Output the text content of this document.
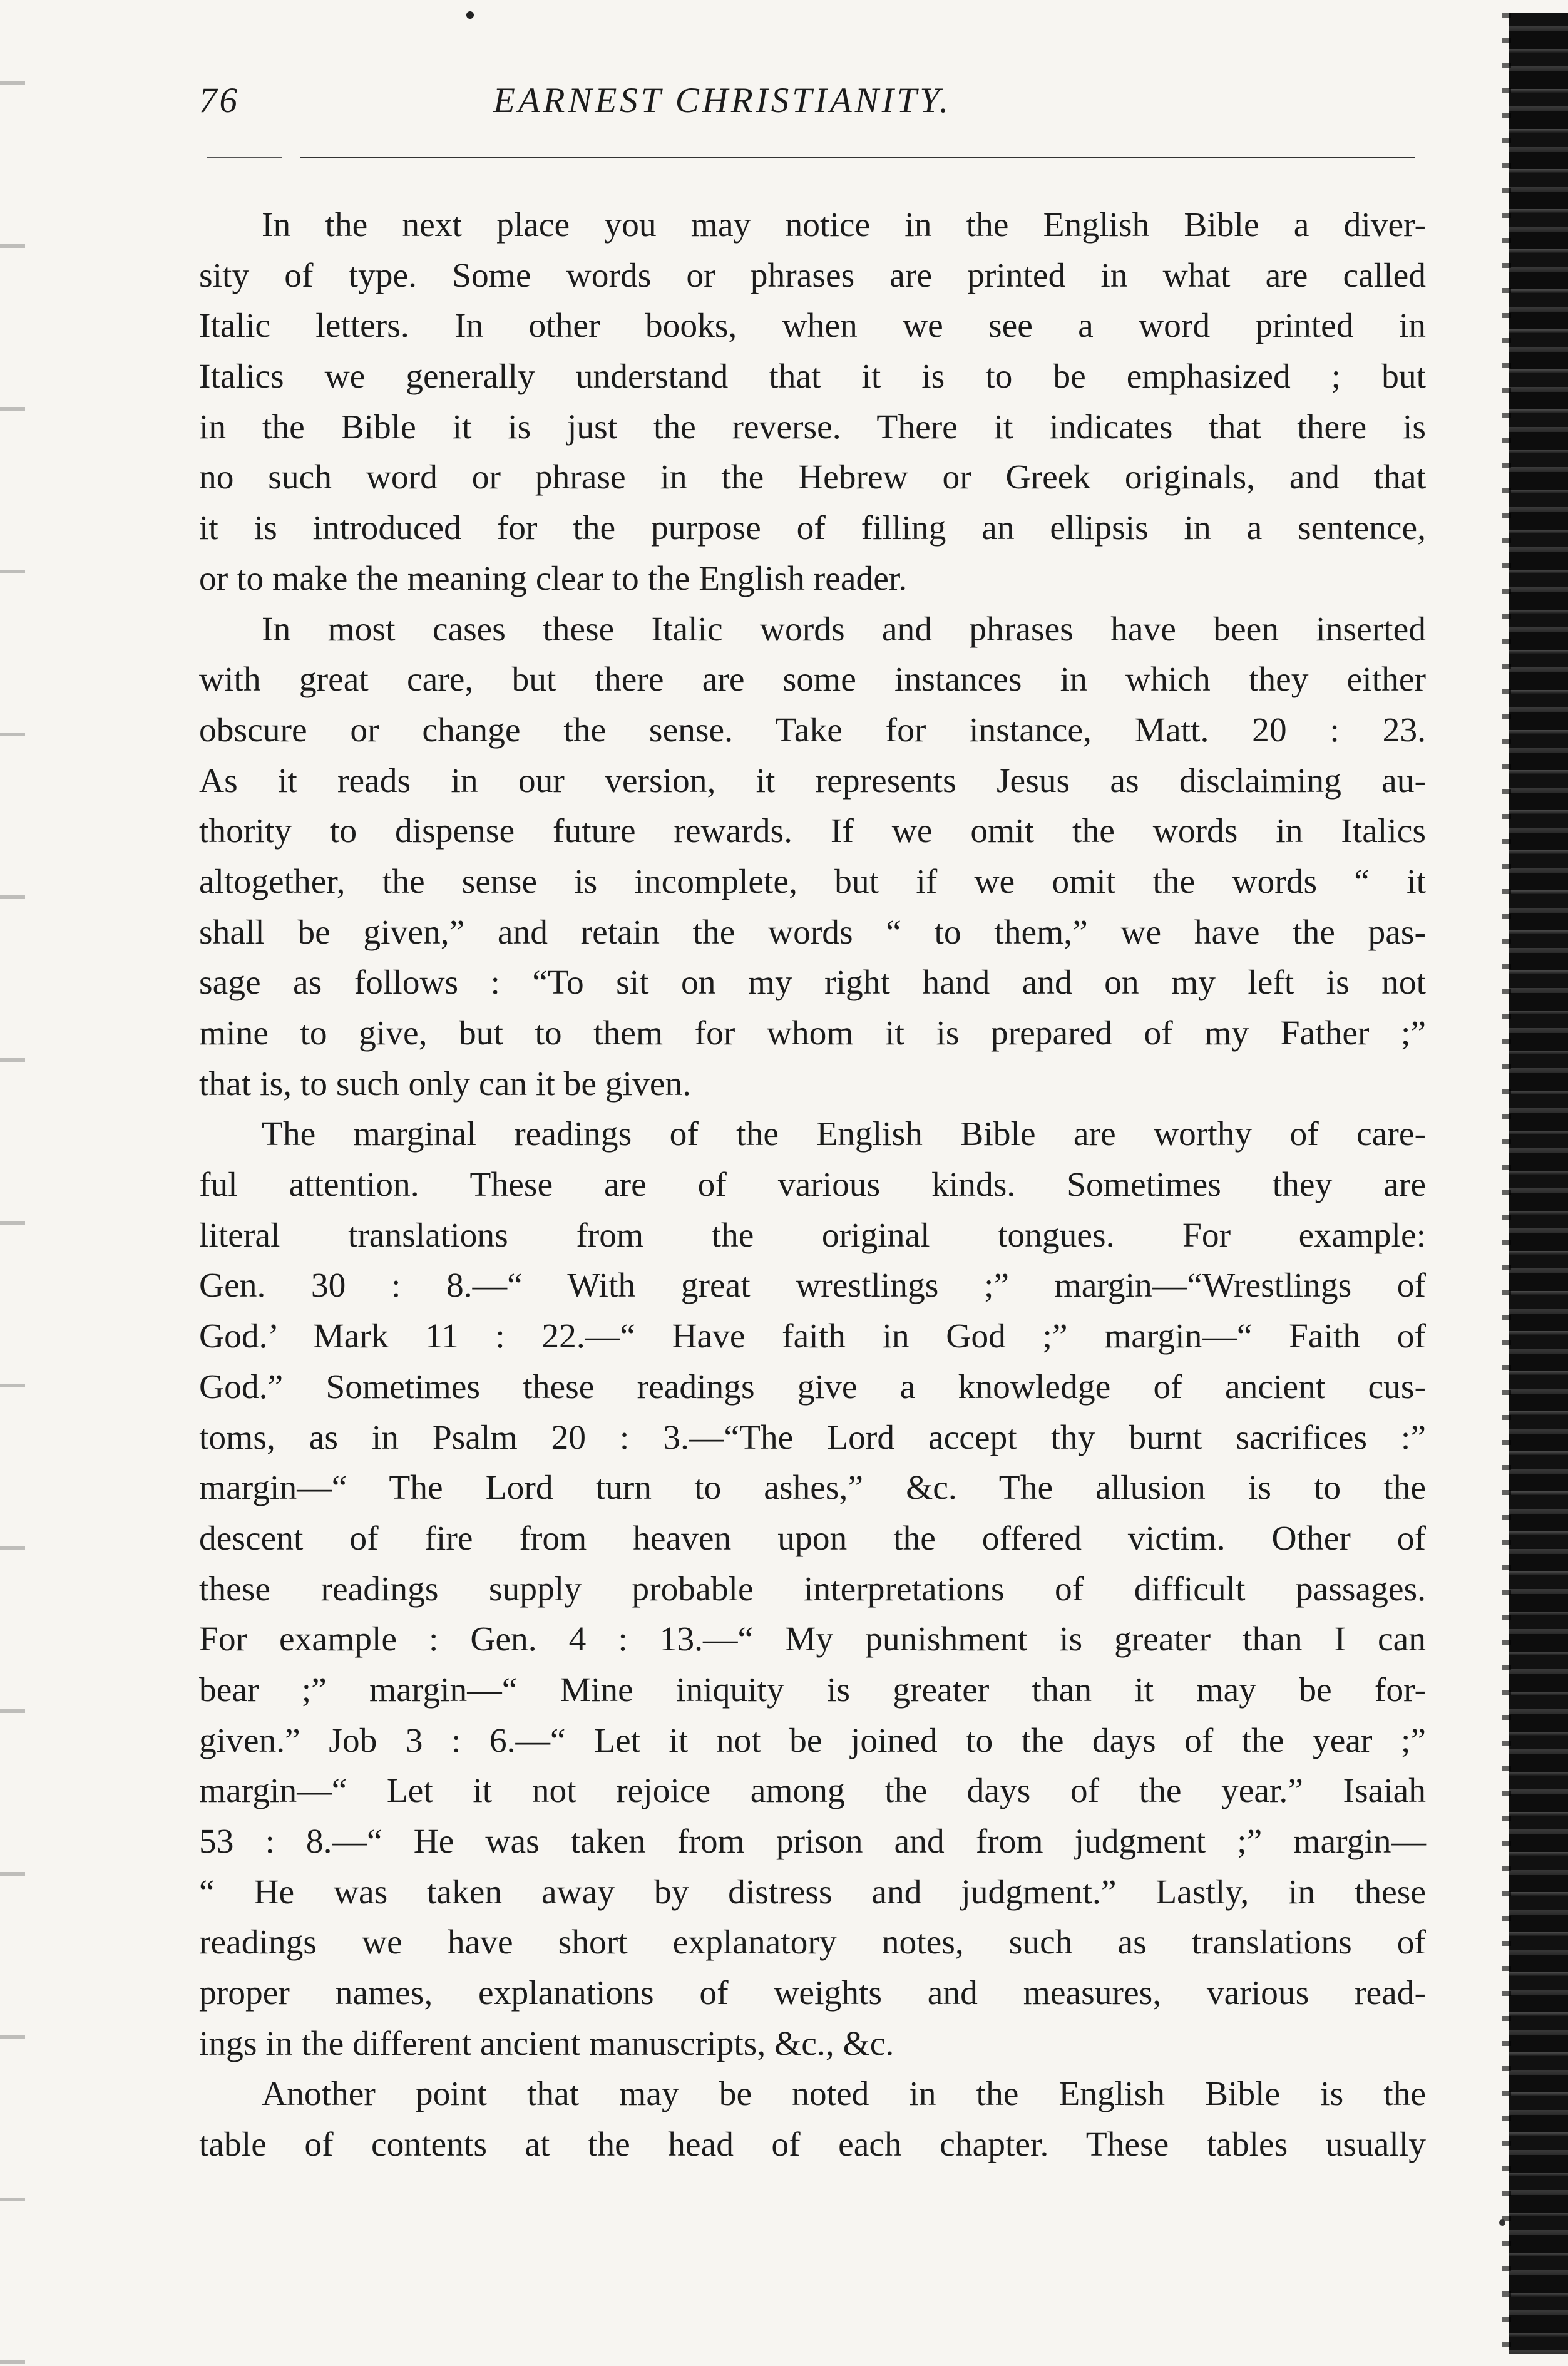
76	EARNEST CHRISTIANITY.
In the next place you may notice in the English Bible a diver-
sity of type. Some words or phrases are printed in what are called
Italic letters. In other books, when we see a word printed in
Italics we generally understand that it is to be emphasized ; but
in the Bible it is just the reverse. There it indicates that there is
no such word or phrase in the Hebrew or Greek originals, and that
it is introduced for the purpose of filling an ellipsis in a sentence,
or to make the meaning clear to the English reader.
In most cases these Italic words and phrases have been inserted
with great care, but there are some instances in which they either
obscure or change the sense. Take for instance, Matt. 20 : 23.
As it reads in our version, it represents Jesus as disclaiming au-
thority to dispense future rewards. If we omit the words in Italics
altogether, the sense is incomplete, but if we omit the words “ it
shall be given,” and retain the words “ to them,” we have the pas-
sage as follows : “To sit on my right hand and on my left is not
mine to give, but to them for whom it is prepared of my Father ;”
that is, to such only can it be given.
The marginal readings of the English Bible are worthy of care-
ful attention. These are of various kinds. Sometimes they are
literal translations from the original tongues. For example:
Gen. 30 : 8.—“ With great wrestlings ;” margin—“Wrestlings of
God.’ Mark 11 : 22.—“ Have faith in God ;” margin—“ Faith of
God.” Sometimes these readings give a knowledge of ancient cus-
toms, as in Psalm 20 : 3.—“The Lord accept thy burnt sacrifices :”
margin—“ The Lord turn to ashes,” &c. The allusion is to the
descent of fire from heaven upon the offered victim. Other of
these readings supply probable interpretations of difficult passages.
For example : Gen. 4 : 13.—“ My punishment is greater than I can
bear ;” margin—“ Mine iniquity is greater than it may be for-
given.” Job 3 : 6.—“ Let it not be joined to the days of the year ;”
margin—“ Let it not rejoice among the days of the year.” Isaiah
53 : 8.—“ He was taken from prison and from judgment ;” margin—
“ He was taken away by distress and judgment.” Lastly, in these
readings we have short explanatory notes, such as translations of
proper names, explanations of weights and measures, various read-
ings in the different ancient manuscripts, &c., &c.
Another point that may be noted in the English Bible is the
table of contents at the head of each chapter. These tables usually
